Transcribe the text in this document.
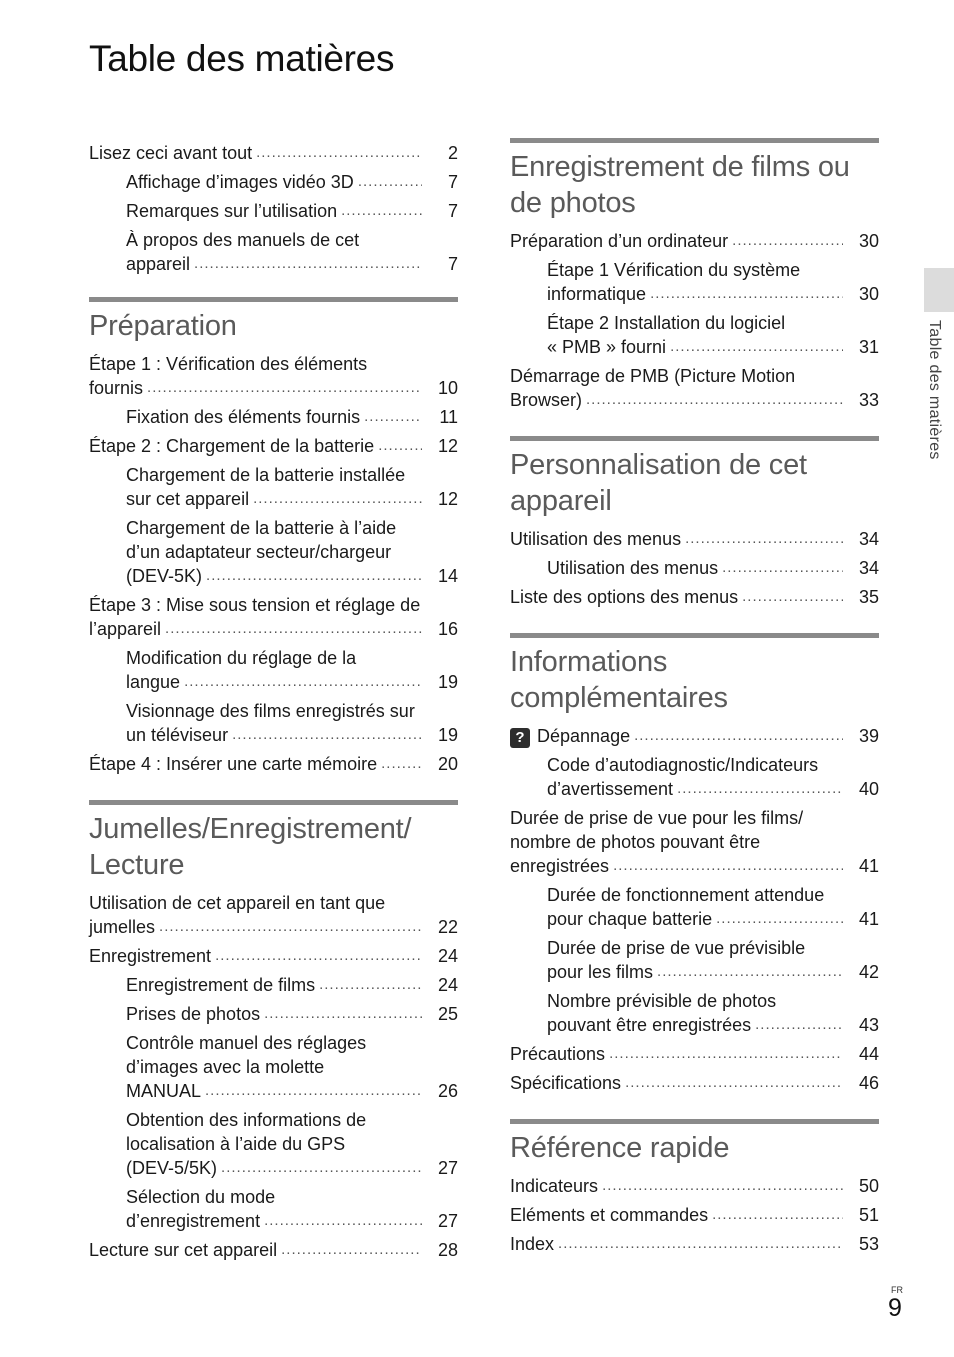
Table des matières
Lisez ceci avant tout .....	2
Affichage d’images vidéo 3D .....	7
Remarques sur l’utilisation .....	7
À propos des manuels de cet
appareil .....	7
Préparation
Étape 1 : Vérification des éléments
fournis .....	10
Fixation des éléments fournis .....	11
Étape 2 : Chargement de la batterie .....	12
Chargement de la batterie installée
sur cet appareil .....	12
Chargement de la batterie à l’aide
d’un adaptateur secteur/chargeur
(DEV-5K) .....	14
Étape 3 : Mise sous tension et réglage de
l’appareil .....	16
Modification du réglage de la
langue .....	19
Visionnage des films enregistrés sur
un téléviseur .....	19
Étape 4 : Insérer une carte mémoire .....	20
Jumelles/Enregistrement/ Lecture
Utilisation de cet appareil en tant que
jumelles .....	22
Enregistrement .....	24
Enregistrement de films .....	24
Prises de photos .....	25
Contrôle manuel des réglages
d’images avec la molette
MANUAL .....	26
Obtention des informations de
localisation à l’aide du GPS
(DEV-5/5K) .....	27
Sélection du mode
d’enregistrement .....	27
Lecture sur cet appareil .....	28
Enregistrement de films ou de photos
Préparation d’un ordinateur .....	30
Étape 1 Vérification du système
informatique .....	30
Étape 2 Installation du logiciel
« PMB » fourni .....	31
Démarrage de PMB (Picture Motion
Browser) .....	33
Personnalisation de cet appareil
Utilisation des menus .....	34
Utilisation des menus .....	34
Liste des options des menus .....	35
Informations complémentaires
? Dépannage .....	39
Code d’autodiagnostic/Indicateurs
d’avertissement .....	40
Durée de prise de vue pour les films/
nombre de photos pouvant être
enregistrées .....	41
Durée de fonctionnement attendue
pour chaque batterie .....	41
Durée de prise de vue prévisible
pour les films .....	42
Nombre prévisible de photos
pouvant être enregistrées .....	43
Précautions .....	44
Spécifications .....	46
Référence rapide
Indicateurs .....	50
Eléments et commandes .....	51
Index .....	53
Table des matières
FR
9
